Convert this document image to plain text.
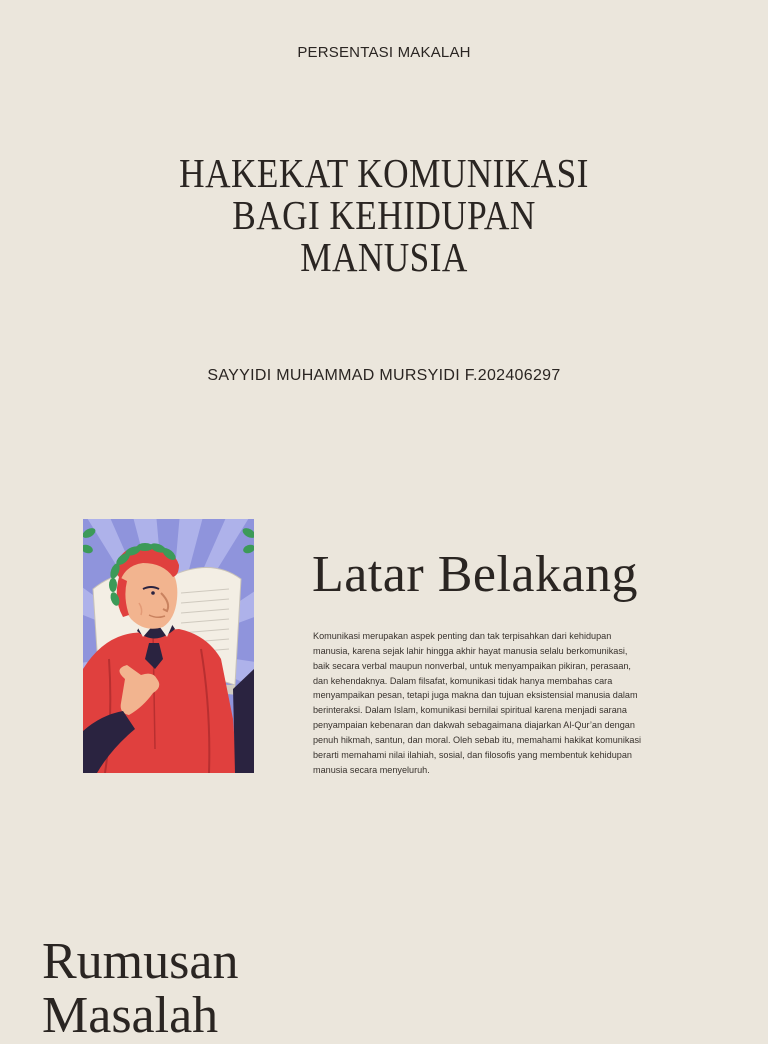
PERSENTASI MAKALAH
HAKEKAT KOMUNIKASI
BAGI KEHIDUPAN
MANUSIA
SAYYIDI MUHAMMAD MURSYIDI F.202406297
Latar Belakang

Komunikasi merupakan aspek penting dan tak terpisahkan dari kehidupan manusia, karena sejak lahir hingga akhir hayat manusia selalu berkomunikasi, baik secara verbal maupun nonverbal, untuk menyampaikan pikiran, perasaan, dan kehendaknya. Dalam filsafat, komunikasi tidak hanya membahas cara menyampaikan pesan, tetapi juga makna dan tujuan eksistensial manusia dalam berinteraksi. Dalam Islam, komunikasi bernilai spiritual karena menjadi sarana penyampaian kebenaran dan dakwah sebagaimana diajarkan Al-Qur’an dengan penuh hikmah, santun, dan moral. Oleh sebab itu, memahami hakikat komunikasi berarti memahami nilai ilahiah, sosial, dan filosofis yang membentuk kehidupan manusia secara menyeluruh.

Rumusan
Masalah
